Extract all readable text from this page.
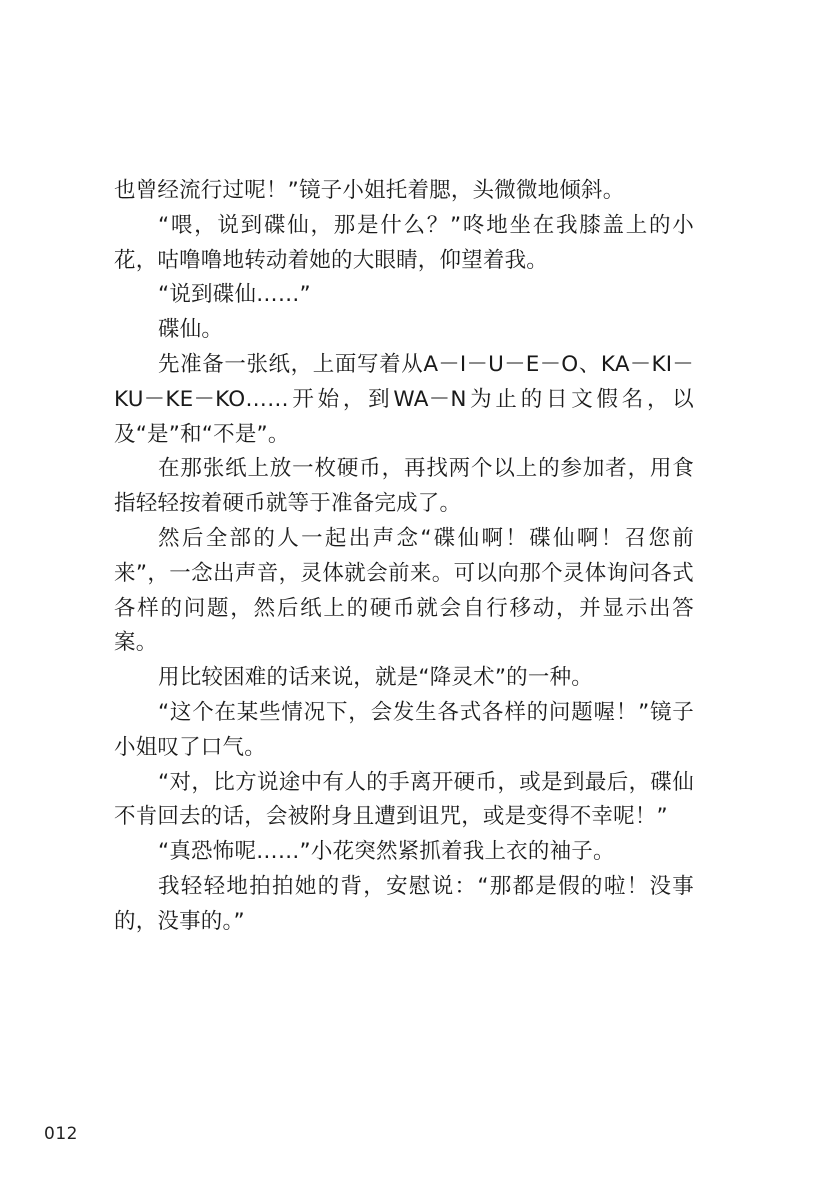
也曾经流行过呢！”镜子小姐托着腮，头微微地倾斜。

“喂，说到碟仙，那是什么？”咚地坐在我膝盖上的小花，咕噜噜地转动着她的大眼睛，仰望着我。

“说到碟仙……”

碟仙。

先准备一张纸，上面写着从A－I－U－E－O、KA－KI－KU－KE－KO……开始，到WA－N为止的日文假名，以及“是”和“不是”。

在那张纸上放一枚硬币，再找两个以上的参加者，用食指轻轻按着硬币就等于准备完成了。

然后全部的人一起出声念“碟仙啊！碟仙啊！召您前来”，一念出声音，灵体就会前来。可以向那个灵体询问各式各样的问题，然后纸上的硬币就会自行移动，并显示出答案。

用比较困难的话来说，就是“降灵术”的一种。

“这个在某些情况下，会发生各式各样的问题喔！”镜子小姐叹了口气。

“对，比方说途中有人的手离开硬币，或是到最后，碟仙不肯回去的话，会被附身且遭到诅咒，或是变得不幸呢！”

“真恐怖呢……”小花突然紧抓着我上衣的袖子。

我轻轻地拍拍她的背，安慰说：“那都是假的啦！没事的，没事的。”

012
